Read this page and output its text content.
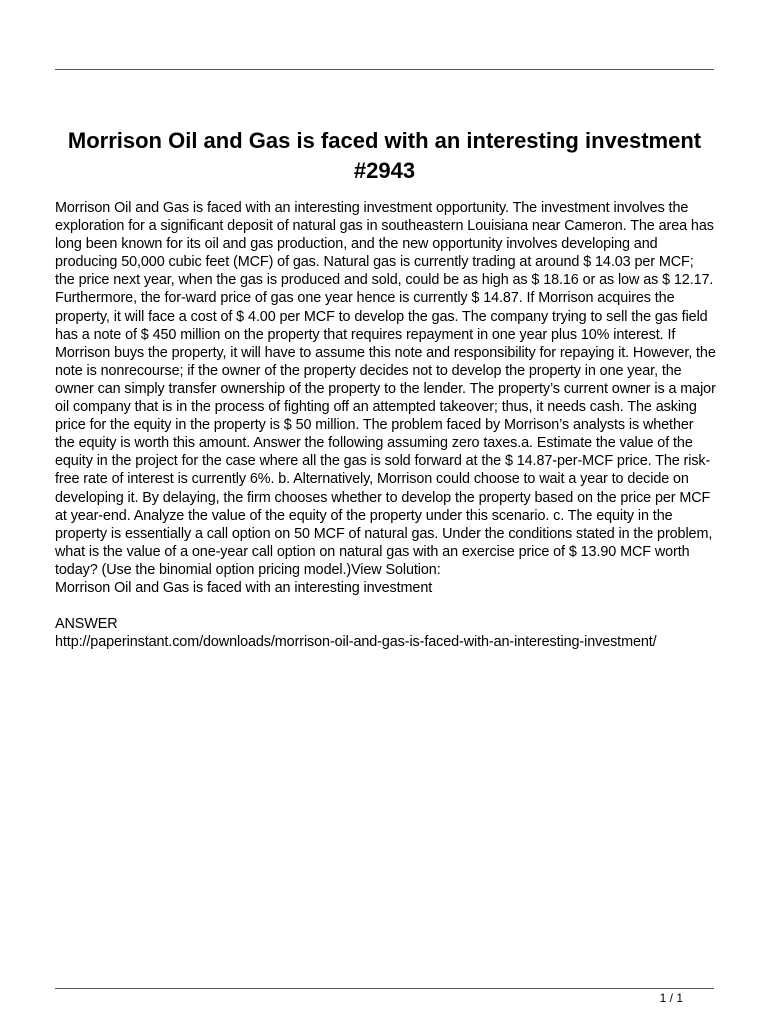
Morrison Oil and Gas is faced with an interesting investment #2943

Morrison Oil and Gas is faced with an interesting investment opportunity. The investment involves the exploration for a significant deposit of natural gas in southeastern Louisiana near Cameron. The area has long been known for its oil and gas production, and the new opportunity involves developing and producing 50,000 cubic feet (MCF) of gas. Natural gas is currently trading at around $ 14.03 per MCF; the price next year, when the gas is produced and sold, could be as high as $ 18.16 or as low as $ 12.17. Furthermore, the for-ward price of gas one year hence is currently $ 14.87. If Morrison acquires the property, it will face a cost of $ 4.00 per MCF to develop the gas. The company trying to sell the gas field has a note of $ 450 million on the property that requires repayment in one year plus 10% interest. If Morrison buys the property, it will have to assume this note and responsibility for repaying it. However, the note is nonrecourse; if the owner of the property decides not to develop the property in one year, the owner can simply transfer ownership of the property to the lender. The property’s current owner is a major oil company that is in the process of fighting off an attempted takeover; thus, it needs cash. The asking price for the equity in the property is $ 50 million. The problem faced by Morrison’s analysts is whether the equity is worth this amount. Answer the following assuming zero taxes.a. Estimate the value of the equity in the project for the case where all the gas is sold forward at the $ 14.87-per-MCF price. The risk-free rate of interest is currently 6%. b. Alternatively, Morrison could choose to wait a year to decide on developing it. By delaying, the firm chooses whether to develop the property based on the price per MCF at year-end. Analyze the value of the equity of the property under this scenario. c. The equity in the property is essentially a call option on 50 MCF of natural gas. Under the conditions stated in the problem, what is the value of a one-year call option on natural gas with an exercise price of $ 13.90 MCF worth today? (Use the binomial option pricing model.)View Solution:

Morrison Oil and Gas is faced with an interesting investment

ANSWER

http://paperinstant.com/downloads/morrison-oil-and-gas-is-faced-with-an-interesting-investment/

1 / 1
